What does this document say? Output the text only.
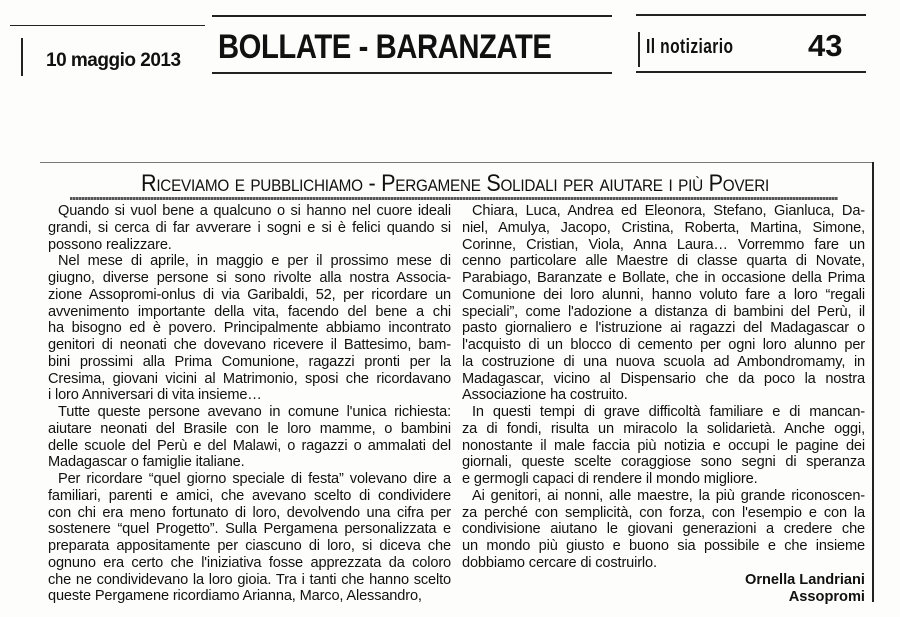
10 maggio 2013 BOLLATE - BARANZATE	Il notiziario 43
Riceviamo e pubblichiamo - Pergamene Solidali per aiutare i più Poveri
Quando si vuol bene a qualcuno o si hanno nel cuore ideali
grandi, si cerca di far avverare i sogni e si è felici quando si
possono realizzare.
Nel mese di aprile, in maggio e per il prossimo mese di
giugno, diverse persone si sono rivolte alla nostra Associa-
zione Assopromi-onlus di via Garibaldi, 52, per ricordare un
avvenimento importante della vita, facendo del bene a chi
ha bisogno ed è povero. Principalmente abbiamo incontrato
genitori di neonati che dovevano ricevere il Battesimo, bam-
bini prossimi alla Prima Comunione, ragazzi pronti per la
Cresima, giovani vicini al Matrimonio, sposi che ricordavano
i loro Anniversari di vita insieme…
Tutte queste persone avevano in comune l'unica richiesta:
aiutare neonati del Brasile con le loro mamme, o bambini
delle scuole del Perù e del Malawi, o ragazzi o ammalati del
Madagascar o famiglie italiane.
Per ricordare “quel giorno speciale di festa” volevano dire a
familiari, parenti e amici, che avevano scelto di condividere
con chi era meno fortunato di loro, devolvendo una cifra per
sostenere “quel Progetto”. Sulla Pergamena personalizzata e
preparata appositamente per ciascuno di loro, si diceva che
ognuno era certo che l'iniziativa fosse apprezzata da coloro
che ne condividevano la loro gioia. Tra i tanti che hanno scelto
queste Pergamene ricordiamo Arianna, Marco, Alessandro,
Chiara, Luca, Andrea ed Eleonora, Stefano, Gianluca, Da-
niel, Amulya, Jacopo, Cristina, Roberta, Martina, Simone,
Corinne, Cristian, Viola, Anna Laura… Vorremmo fare un
cenno particolare alle Maestre di classe quarta di Novate,
Parabiago, Baranzate e Bollate, che in occasione della Prima
Comunione dei loro alunni, hanno voluto fare a loro “regali
speciali”, come l'adozione a distanza di bambini del Perù, il
pasto giornaliero e l'istruzione ai ragazzi del Madagascar o
l'acquisto di un blocco di cemento per ogni loro alunno per
la costruzione di una nuova scuola ad Ambondromamy, in
Madagascar, vicino al Dispensario che da poco la nostra
Associazione ha costruito.
In questi tempi di grave difficoltà familiare e di mancan-
za di fondi, risulta un miracolo la solidarietà. Anche oggi,
nonostante il male faccia più notizia e occupi le pagine dei
giornali, queste scelte coraggiose sono segni di speranza
e germogli capaci di rendere il mondo migliore.
Ai genitori, ai nonni, alle maestre, la più grande riconoscen-
za perché con semplicità, con forza, con l'esempio e con la
condivisione aiutano le giovani generazioni a credere che
un mondo più giusto e buono sia possibile e che insieme
dobbiamo cercare di costruirlo.
Ornella Landriani
Assopromi
